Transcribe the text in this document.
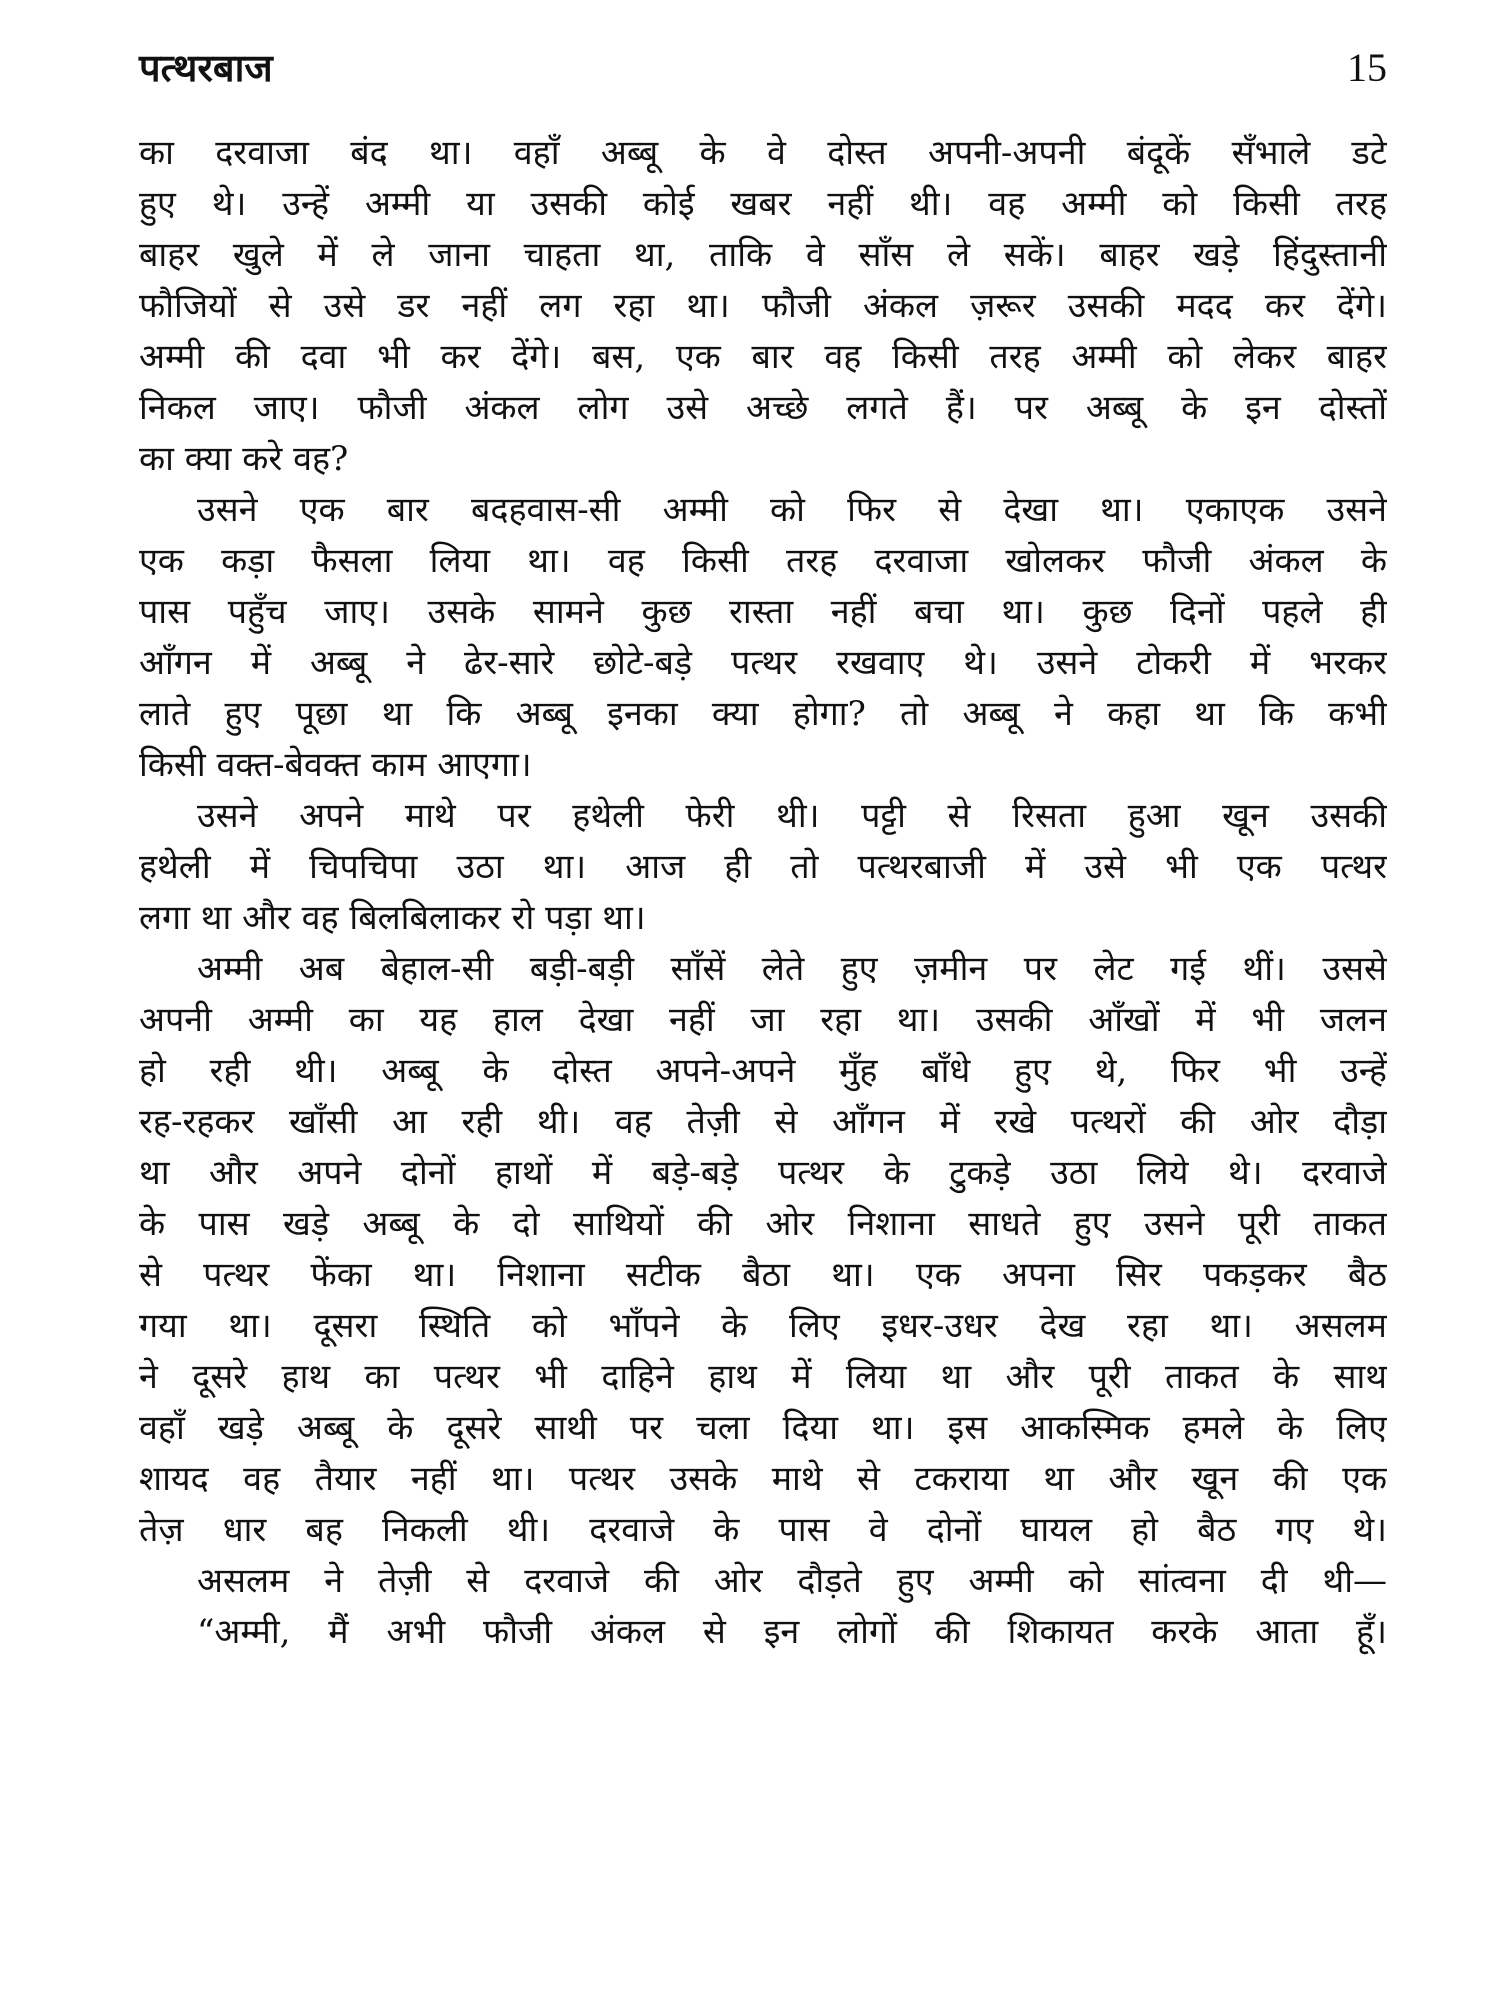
पत्थरबाज	15
का दरवाजा बंद था। वहाँ अब्बू के वे दोस्त अपनी-अपनी बंदूकें सँभाले डटे
हुए थे। उन्हें अम्मी या उसकी कोई खबर नहीं थी। वह अम्मी को किसी तरह
बाहर खुले में ले जाना चाहता था, ताकि वे साँस ले सकें। बाहर खड़े हिंदुस्तानी
फौजियों से उसे डर नहीं लग रहा था। फौजी अंकल ज़रूर उसकी मदद कर देंगे।
अम्मी की दवा भी कर देंगे। बस, एक बार वह किसी तरह अम्मी को लेकर बाहर
निकल जाए। फौजी अंकल लोग उसे अच्छे लगते हैं। पर अब्बू के इन दोस्तों
का क्या करे वह?
उसने एक बार बदहवास-सी अम्मी को फिर से देखा था। एकाएक उसने
एक कड़ा फैसला लिया था। वह किसी तरह दरवाजा खोलकर फौजी अंकल के
पास पहुँच जाए। उसके सामने कुछ रास्ता नहीं बचा था। कुछ दिनों पहले ही
आँगन में अब्बू ने ढेर-सारे छोटे-बड़े पत्थर रखवाए थे। उसने टोकरी में भरकर
लाते हुए पूछा था कि अब्बू इनका क्या होगा? तो अब्बू ने कहा था कि कभी
किसी वक्त-बेवक्त काम आएगा।
उसने अपने माथे पर हथेली फेरी थी। पट्टी से रिसता हुआ खून उसकी
हथेली में चिपचिपा उठा था। आज ही तो पत्थरबाजी में उसे भी एक पत्थर
लगा था और वह बिलबिलाकर रो पड़ा था।
अम्मी अब बेहाल-सी बड़ी-बड़ी साँसें लेते हुए ज़मीन पर लेट गई थीं। उससे
अपनी अम्मी का यह हाल देखा नहीं जा रहा था। उसकी आँखों में भी जलन
हो रही थी। अब्बू के दोस्त अपने-अपने मुँह बाँधे हुए थे, फिर भी उन्हें
रह-रहकर खाँसी आ रही थी। वह तेज़ी से आँगन में रखे पत्थरों की ओर दौड़ा
था और अपने दोनों हाथों में बड़े-बड़े पत्थर के टुकड़े उठा लिये थे। दरवाजे
के पास खड़े अब्बू के दो साथियों की ओर निशाना साधते हुए उसने पूरी ताकत
से पत्थर फेंका था। निशाना सटीक बैठा था। एक अपना सिर पकड़कर बैठ
गया था। दूसरा स्थिति को भाँपने के लिए इधर-उधर देख रहा था। असलम
ने दूसरे हाथ का पत्थर भी दाहिने हाथ में लिया था और पूरी ताकत के साथ
वहाँ खड़े अब्बू के दूसरे साथी पर चला दिया था। इस आकस्मिक हमले के लिए
शायद वह तैयार नहीं था। पत्थर उसके माथे से टकराया था और खून की एक
तेज़ धार बह निकली थी। दरवाजे के पास वे दोनों घायल हो बैठ गए थे।
असलम ने तेज़ी से दरवाजे की ओर दौड़ते हुए अम्मी को सांत्वना दी थी—
“अम्मी, मैं अभी फौजी अंकल से इन लोगों की शिकायत करके आता हूँ।
